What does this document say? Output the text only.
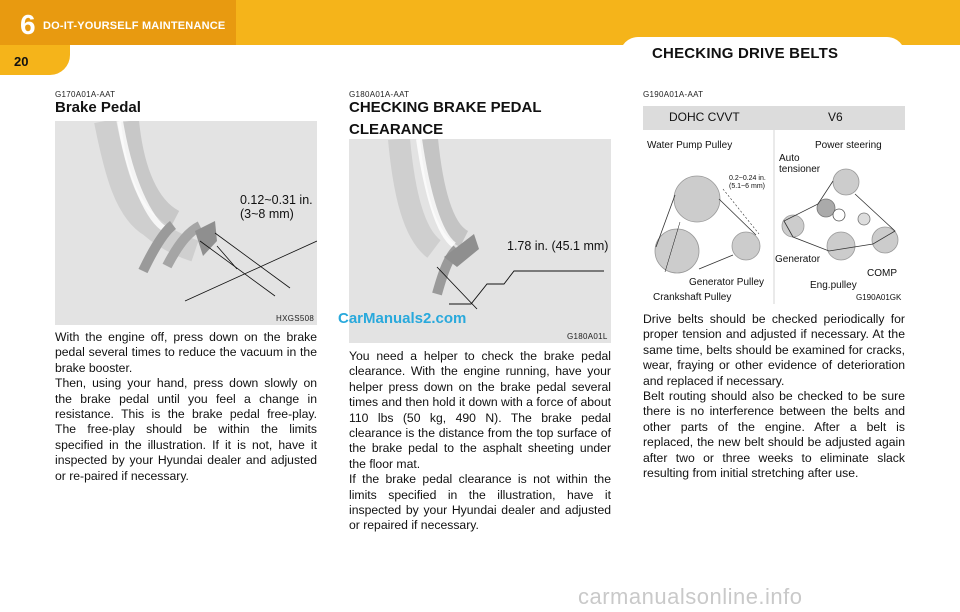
6 DO-IT-YOURSELF MAINTENANCE
20	CHECKING DRIVE BELTS
G170A01A-AAT
Brake Pedal
0.12~0.31 in.
(3~8 mm)
HXGS508
With the engine off, press down on the brake pedal several times to reduce the vacuum in the brake booster.
Then, using your hand, press down slowly on the brake pedal until you feel a change in resistance. This is the brake pedal free-play. The free-play should be within the limits specified in the illustration. If it is not, have it inspected by your Hyundai dealer and adjusted or re-paired if necessary.
G180A01A-AAT
CHECKING BRAKE PEDAL
CLEARANCE
1.78 in. (45.1 mm)
G180A01L
CarManuals2.com
You need a helper to check the brake pedal clearance. With the engine running, have your helper press down on the brake pedal several times and then hold it down with a force of about 110 lbs (50 kg, 490 N). The brake pedal clearance is the distance from the top surface of the brake pedal to the asphalt sheeting under the floor mat.
If the brake pedal clearance is not within the limits specified in the illustration, have it inspected by your Hyundai dealer and adjusted or repaired if necessary.
G190A01A-AAT
DOHC CVVT	V6
Water Pump Pulley
0.2~0.24 in.
(5.1~6 mm)
Generator Pulley
Crankshaft Pulley
Power steering
Auto
tensioner
Generator
Eng.pulley
COMP
G190A01GK
Drive belts should be checked periodically for proper tension and adjusted if necessary. At the same time, belts should be examined for cracks, wear, fraying or other evidence of deterioration and replaced if necessary.
Belt routing should also be checked to be sure there is no interference between the belts and other parts of the engine. After a belt is replaced, the new belt should be adjusted again after two or three weeks to eliminate slack resulting from initial stretching after use.
carmanualsonline.info
